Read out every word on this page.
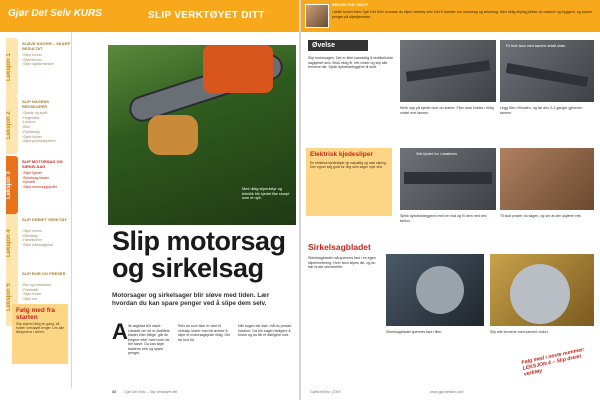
Gjør Det Selv KURS	SLIP VERKTØYET DITT
REDAKTØR: ROLF
I dette kurset viser Gjør Det Selv hvordan du sliper verktøy selv. Del 6 handler om motorsag og sirkelsag. Med riktig sliping jobber du raskere og tryggere, og sparer penger på slipetjenester.
Leksjon 1
SLØVE KNIVER – SKARP RESULTAT
▪ Slipe kniver
▪ Slipesteiner
▪ Slipe kjøkkenkniver
Leksjon 2
SLIP HAGENS REDSKAPER
▪ Spade og spett
▪ Hagesaks
▪ Løvkniv
▪ Øks
▪ Ryddesag
▪ Slipe kniver
▪ Slipe gressklipperen
Leksjon 3
SLIP MOTORSAG OG SIRKELSAG
▪ Slipe kjedet
▪ Sirkelsag-blader
▪ Kjedefil
▪ Slipe motorsagkjedet
Leksjon 4
SLIP DREIET VERKTØY
▪ Slipe trebor
▪ Båndsag
▪ Høvelkniver
▪ Slipe båndsagblad
Leksjon 5
SLIP BOR OG FRESER
▪ Bor og maskinbor
▪ Fresestål
▪ Slipe freser
▪ Slipe bor
Følg med fra starten
Slip skjeret riktig én gang, så holder verktøyet lenger. Les alle leksjonene i serien.
Med riktig slipeutstyr og teknikk blir kjedet like skarpt som et nytt.
Slip motorsag
og sirkelsag
Motorsager og sirkelsager blir sløve med tiden. Lær hvordan du kan spare penger ved å slipe dem selv.
A lle sagblad blir sløve. Uansett om de er kvalitets blader eller billige, går de tregere etter hvert som de blir sløve. Du kan slipe bladene selv og spare penger.
Selv du som ikke er vant til verktøy, klarer med litt øvelse å slipe et motorsagkjede riktig. Det tar kort tid.
Når sagen blir sløv, må du presse hardere. Da blir sagen farligere å bruke og du får et dårligere kutt.
88 Gjør Det Selv – Slip verktøyet ditt
Øvelse
Slip motorsagen. Det er ikke vanskelig å vedlikeholde sagkjedet selv. Bruk riktig fil, rett vinkel og slip alle tennene likt. Sjekk dybdeanleggene til slutt.
Fil hver tann med samme antall strøk.
Merk opp på kjedet hvor du starter. Filen skal holdes i riktig vinkel mot tannen.
Legg filen i filmalen, og før den 2-3 ganger gjennom tannen.
Elektrisk kjedesliper
En elektrisk kjedesliper gir nøyaktig og rask sliping. Den egner seg godt for deg som sager mye ved.
Sett kjedet inn i maskinen.
Sjekk dybdeanleggene med en mal og fil dem ned ved behov.
Til slutt prøver du sagen, og ser at den skjærer rett.
Sirkelsagbladet
Sirkelsagbladet må spennes fast i en egen slipeinnretning. Hver tann slipes likt, og du bør bruke vernebriller.
Sirkelsagbladet spennes fast i filen.	Slip alle tennene med samme vinkel.
GjørDetSelv | 2009	www.gjordetselv.com
Følg med i neste nummer: LEKSJON 4 – Slip dreiet verktøy
